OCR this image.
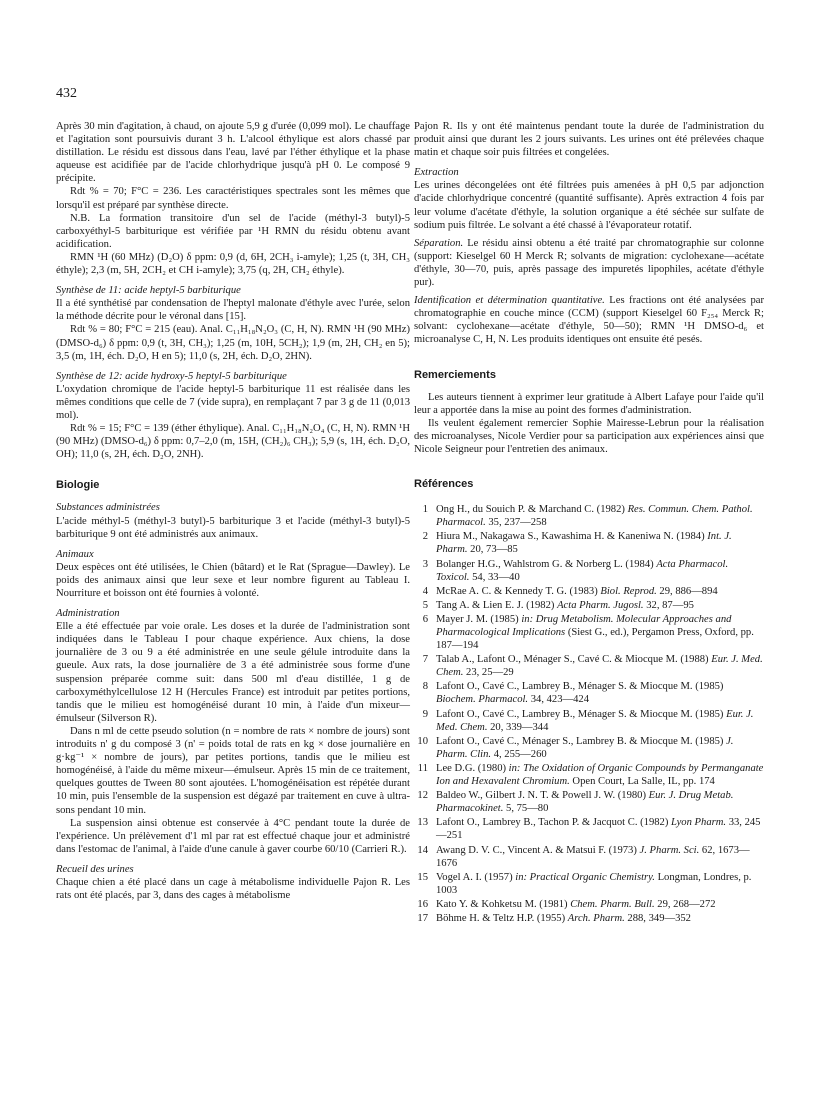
432

Après 30 min d'agitation, à chaud, on ajoute 5,9 g d'urée (0,099 mol). Le chauffage et l'agitation sont poursuivis durant 3 h. L'alcool éthylique est alors chassé par distillation. Le résidu est dissous dans l'eau, lavé par l'éther éthylique et la phase aqueuse est acidifiée par de l'acide chlorhydrique jusqu'à pH 0. Le composé 9 précipite.

Rdt % = 70; F°C = 236. Les caractéristiques spectrales sont les mêmes que lorsqu'il est préparé par synthèse directe.

N.B. La formation transitoire d'un sel de l'acide (méthyl-3 butyl)-5 carboxyéthyl-5 barbiturique est vérifiée par ¹H RMN du résidu obtenu avant acidification.

RMN ¹H (60 MHz) (D₂O) δ ppm: 0,9 (d, 6H, 2CH₃ i-amyle); 1,25 (t, 3H, CH₃ éthyle); 2,3 (m, 5H, 2CH₂ et CH i-amyle); 3,75 (q, 2H, CH₂ éthyle).

Synthèse de 11: acide heptyl-5 barbiturique

Il a été synthétisé par condensation de l'heptyl malonate d'éthyle avec l'urée, selon la méthode décrite pour le véronal dans [15].

Rdt % = 80; F°C = 215 (eau). Anal. C₁₁H₁₈N₂O₃ (C, H, N). RMN ¹H (90 MHz) (DMSO-d₆) δ ppm: 0,9 (t, 3H, CH₃); 1,25 (m, 10H, 5CH₂); 1,9 (m, 2H, CH₂ en 5); 3,5 (m, 1H, éch. D₂O, H en 5); 11,0 (s, 2H, éch. D₂O, 2HN).

Synthèse de 12: acide hydroxy-5 heptyl-5 barbiturique

L'oxydation chromique de l'acide heptyl-5 barbiturique 11 est réalisée dans les mêmes conditions que celle de 7 (vide supra), en remplaçant 7 par 3 g de 11 (0,013 mol).

Rdt % = 15; F°C = 139 (éther éthylique). Anal. C₁₁H₁₈N₂O₄ (C, H, N). RMN ¹H (90 MHz) (DMSO-d₆) δ ppm: 0,7–2,0 (m, 15H, (CH₂)₆ CH₃); 5,9 (s, 1H, éch. D₂O, OH); 11,0 (s, 2H, éch. D₂O, 2NH).

Biologie

Substances administrées

L'acide méthyl-5 (méthyl-3 butyl)-5 barbiturique 3 et l'acide (méthyl-3 butyl)-5 barbiturique 9 ont été administrés aux animaux.

Animaux

Deux espèces ont été utilisées, le Chien (bâtard) et le Rat (Sprague—Dawley). Le poids des animaux ainsi que leur sexe et leur nombre figurent au Tableau I. Nourriture et boisson ont été fournies à volonté.

Administration

Elle a été effectuée par voie orale. Les doses et la durée de l'administration sont indiquées dans le Tableau I pour chaque expérience. Aux chiens, la dose journalière de 3 ou 9 a été administrée en une seule gélule introduite dans la gueule. Aux rats, la dose journalière de 3 a été administrée sous forme d'une suspension préparée comme suit: dans 500 ml d'eau distillée, 1 g de carboxyméthylcellulose 12 H (Hercules France) est introduit par petites portions, tandis que le milieu est homogénéisé durant 10 min, à l'aide d'un mixeur—émulseur (Silverson R).

Dans n ml de cette pseudo solution (n = nombre de rats × nombre de jours) sont introduits n' g du composé 3 (n' = poids total de rats en kg × dose journalière en g·kg⁻¹ × nombre de jours), par petites portions, tandis que le milieu est homogénéisé, à l'aide du même mixeur—émulseur. Après 15 min de ce traitement, quelques gouttes de Tween 80 sont ajoutées. L'homogénéisation est répétée durant 10 min, puis l'ensemble de la suspension est dégazé par traitement en cuve à ultra-sons pendant 10 min.

La suspension ainsi obtenue est conservée à 4°C pendant toute la durée de l'expérience. Un prélèvement d'1 ml par rat est effectué chaque jour et administré dans l'estomac de l'animal, à l'aide d'une canule à gaver courbe 60/10 (Carrieri R.).

Recueil des urines

Chaque chien a été placé dans un cage à métabolisme individuelle Pajon R. Les rats ont été placés, par 3, dans des cages à métabolisme

Pajon R. Ils y ont été maintenus pendant toute la durée de l'administration du produit ainsi que durant les 2 jours suivants. Les urines ont été prélevées chaque matin et chaque soir puis filtrées et congelées.

Extraction

Les urines décongelées ont été filtrées puis amenées à pH 0,5 par adjonction d'acide chlorhydrique concentré (quantité suffisante). Après extraction 4 fois par leur volume d'acétate d'éthyle, la solution organique a été séchée sur sulfate de sodium puis filtrée. Le solvant a été chassé à l'évaporateur rotatif.

Séparation. Le résidu ainsi obtenu a été traité par chromatographie sur colonne (support: Kieselgel 60 H Merck R; solvants de migration: cyclohexane—acétate d'éthyle, 30—70, puis, après passage des impuretés lipophiles, acétate d'éthyle pur).

Identification et détermination quantitative. Les fractions ont été analysées par chromatographie en couche mince (CCM) (support Kieselgel 60 F₂₅₄ Merck R; solvant: cyclohexane—acétate d'éthyle, 50—50); RMN ¹H DMSO-d₆ et microanalyse C, H, N. Les produits identiques ont ensuite été pesés.

Remerciements

Les auteurs tiennent à exprimer leur gratitude à Albert Lafaye pour l'aide qu'il leur a apportée dans la mise au point des formes d'administration.

Ils veulent également remercier Sophie Mairesse-Lebrun pour la réalisation des microanalyses, Nicole Verdier pour sa participation aux expériences ainsi que Nicole Seigneur pour l'entretien des animaux.

Références

1 Ong H., du Souich P. & Marchand C. (1982) Res. Commun. Chem. Pathol. Pharmacol. 35, 237—258
2 Hiura M., Nakagawa S., Kawashima H. & Kaneniwa N. (1984) Int. J. Pharm. 20, 73—85
3 Bolanger H.G., Wahlstrom G. & Norberg L. (1984) Acta Pharmacol. Toxicol. 54, 33—40
4 McRae A. C. & Kennedy T. G. (1983) Biol. Reprod. 29, 886—894
5 Tang A. & Lien E. J. (1982) Acta Pharm. Jugosl. 32, 87—95
6 Mayer J. M. (1985) in: Drug Metabolism. Molecular Approaches and Pharmacological Implications (Siest G., ed.), Pergamon Press, Oxford, pp. 187—194
7 Talab A., Lafont O., Ménager S., Cavé C. & Miocque M. (1988) Eur. J. Med. Chem. 23, 25—29
8 Lafont O., Cavé C., Lambrey B., Ménager S. & Miocque M. (1985) Biochem. Pharmacol. 34, 423—424
9 Lafont O., Cavé C., Lambrey B., Ménager S. & Miocque M. (1985) Eur. J. Med. Chem. 20, 339—344
10 Lafont O., Cavé C., Ménager S., Lambrey B. & Miocque M. (1985) J. Pharm. Clin. 4, 255—260
11 Lee D.G. (1980) in: The Oxidation of Organic Compounds by Permanganate Ion and Hexavalent Chromium. Open Court, La Salle, IL, pp. 174
12 Baldeo W., Gilbert J. N. T. & Powell J. W. (1980) Eur. J. Drug Metab. Pharmacokinet. 5, 75—80
13 Lafont O., Lambrey B., Tachon P. & Jacquot C. (1982) Lyon Pharm. 33, 245—251
14 Awang D. V. C., Vincent A. & Matsui F. (1973) J. Pharm. Sci. 62, 1673—1676
15 Vogel A. I. (1957) in: Practical Organic Chemistry. Longman, Londres, p. 1003
16 Kato Y. & Kohketsu M. (1981) Chem. Pharm. Bull. 29, 268—272
17 Böhme H. & Teltz H.P. (1955) Arch. Pharm. 288, 349—352
